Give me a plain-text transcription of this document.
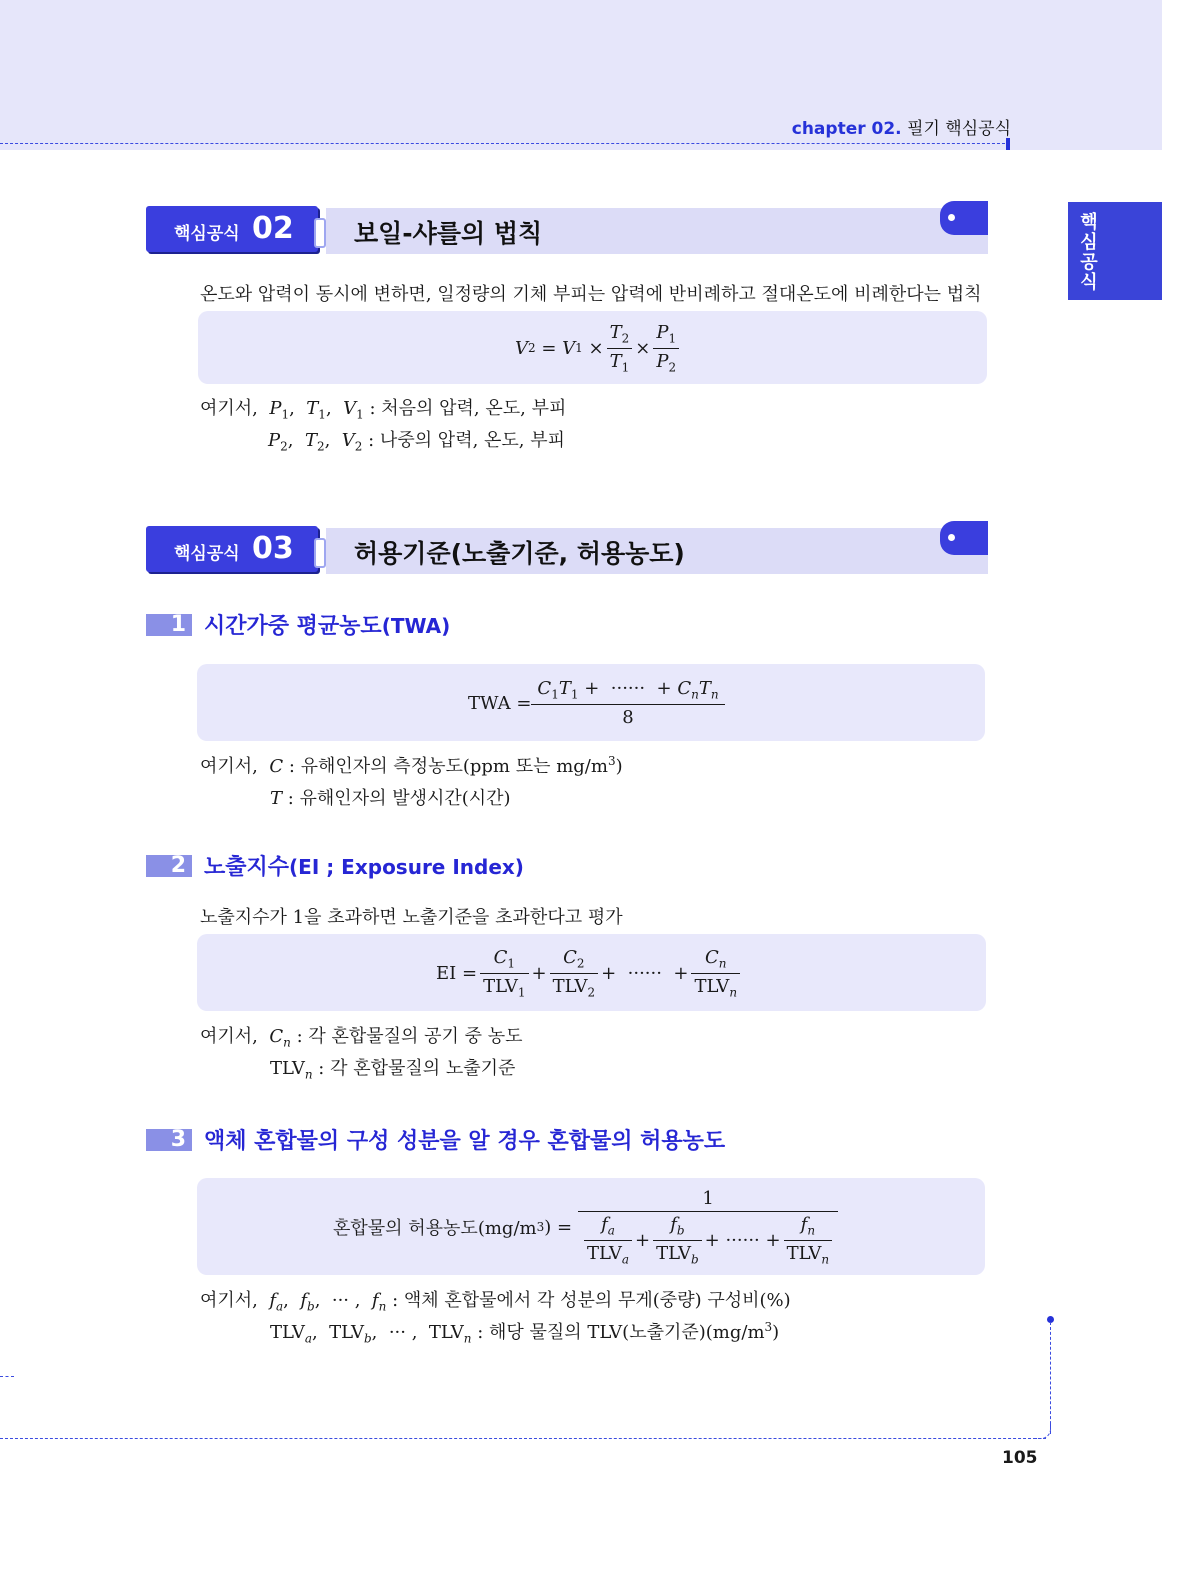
chapter 02. 필기 핵심공식
핵심공식
핵심공식 02 보일-샤를의 법칙
온도와 압력이 동시에 변하면, 일정량의 기체 부피는 압력에 반비례하고 절대온도에 비례한다는 법칙
V 2 = V $1 \times \frac{T_2}{T_1} \times \frac{P_1}{P_2}$
여기서, $P_1$,  $T_1$,  $V_1$ : 처음의 압력, 온도, 부피
$P_2$,  $T_2$,  $V_2$ : 나중의 압력, 온도, 부피
핵심공식 03 허용기준(노출기준, 허용농도)
1 시간가중 평균농도(TWA)
TWA = $\frac{C_1T_1 + \cdot\cdot\cdot\cdot\cdot\cdot + C_nT_n}{8}$
여기서, C : 유해인자의 측정농도(ppm 또는 $mg/m^3$)
T : 유해인자의 발생시간(시간)
2 노출지수(EI ; Exposure Index)
노출지수가 1을 초과하면 노출기준을 초과한다고 평가
EI = $\frac{C_1}{TLV_1} + \frac{C_2}{TLV_2}$ +  ······  + $\frac{C_n}{TLV_n}$
여기서, $C_n$ : 각 혼합물질의 공기 중 농도
$TLV_n$ : 각 혼합물질의 노출기준
3 액체 혼합물의 구성 성분을 알 경우 혼합물의 허용농도
혼합물의 허용농도(mg/m 3 ) = $\frac{1}{\frac{f_a}{TLV_a} + \frac{f_b}{TLV_b} + \cdot\cdot\cdot\cdot\cdot\cdot + \frac{f_n}{TLV_n}}$
여기서, $f_a$,  $f_b$,  ··· ,  $f_n$ : 액체 혼합물에서 각 성분의 무게(중량) 구성비(%)
$TLV_a$,  $TLV_b$,  ··· ,  $TLV_n$ : 해당 물질의 TLV(노출기준)$(mg/m^3)$
105
